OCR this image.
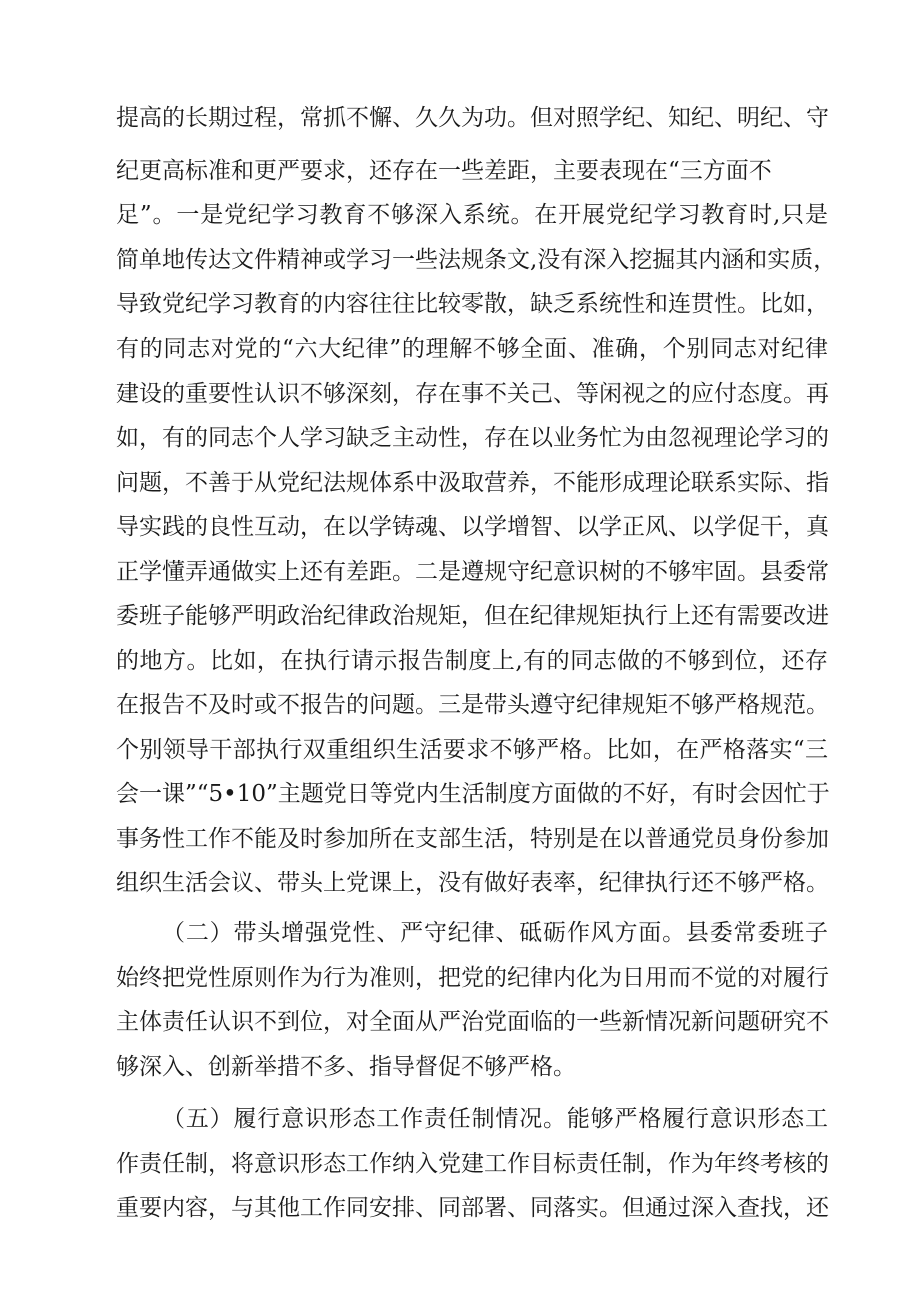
提高的长期过程，常抓不懈、久久为功。但对照学纪、知纪、明纪、守
纪更高标准和更严要求，还存在一些差距，主要表现在“三方面不
足”。一是党纪学习教育不够深入系统。在开展党纪学习教育时,只是
简单地传达文件精神或学习一些法规条文,没有深入挖掘其内涵和实质，
导致党纪学习教育的内容往往比较零散，缺乏系统性和连贯性。比如，
有的同志对党的“六大纪律”的理解不够全面、准确，个别同志对纪律
建设的重要性认识不够深刻，存在事不关己、等闲视之的应付态度。再
如，有的同志个人学习缺乏主动性，存在以业务忙为由忽视理论学习的
问题，不善于从党纪法规体系中汲取营养，不能形成理论联系实际、指
导实践的良性互动，在以学铸魂、以学增智、以学正风、以学促干，真
正学懂弄通做实上还有差距。二是遵规守纪意识树的不够牢固。县委常
委班子能够严明政治纪律政治规矩，但在纪律规矩执行上还有需要改进
的地方。比如，在执行请示报告制度上,有的同志做的不够到位，还存
在报告不及时或不报告的问题。三是带头遵守纪律规矩不够严格规范。
个别领导干部执行双重组织生活要求不够严格。比如，在严格落实“三
会一课”“5•10”主题党日等党内生活制度方面做的不好，有时会因忙于
事务性工作不能及时参加所在支部生活，特别是在以普通党员身份参加
组织生活会议、带头上党课上，没有做好表率，纪律执行还不够严格。
（二）带头增强党性、严守纪律、砥砺作风方面。县委常委班子
始终把党性原则作为行为准则，把党的纪律内化为日用而不觉的对履行
主体责任认识不到位，对全面从严治党面临的一些新情况新问题研究不
够深入、创新举措不多、指导督促不够严格。
（五）履行意识形态工作责任制情况。能够严格履行意识形态工
作责任制，将意识形态工作纳入党建工作目标责任制，作为年终考核的
重要内容，与其他工作同安排、同部署、同落实。但通过深入查找，还
